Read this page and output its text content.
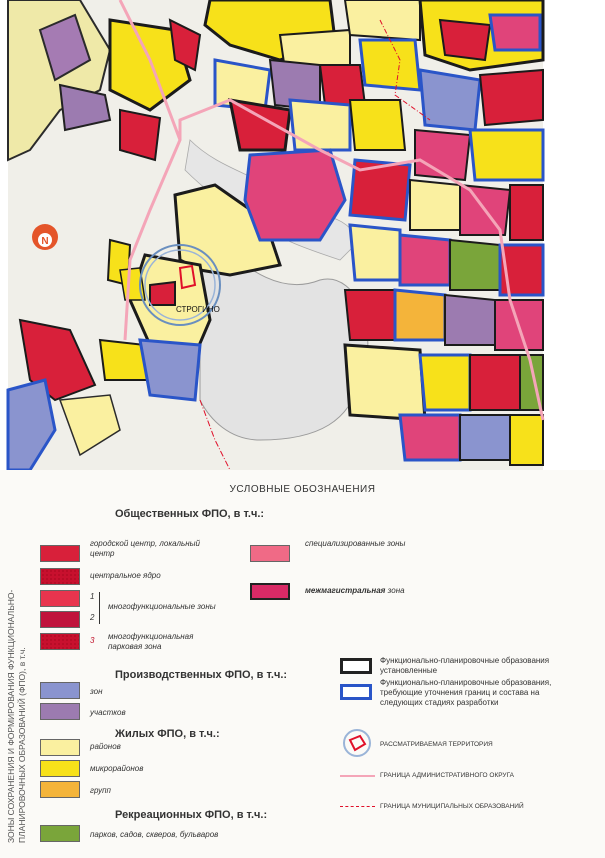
N
СТРОГИНО
УСЛОВНЫЕ ОБОЗНАЧЕНИЯ
ЗОНЫ СОХРАНЕНИЯ И ФОРМИРОВАНИЯ ФУНКЦИОНАЛЬНО- ПЛАНИРОВОЧНЫХ ОБРАЗОВАНИЙ (ФПО), в т.ч.
Общественных ФПО, в т.ч.:
городской центр, локальный центр
центральное ядро
1
2
многофункциональные зоны
3 многофункциональная парковая зона
специализированные зоны
межмагистральная зона
Производственных ФПО, в т.ч.:
зон
участков
Жилых ФПО, в т.ч.:
районов
микрорайонов
групп
Рекреационных ФПО, в т.ч.:
парков, садов, скверов, бульваров
Функционально-планировочные образования установленные
Функционально-планировочные образования, требующие уточнения границ и состава на следующих стадиях разработки
РАССМАТРИВАЕМАЯ ТЕРРИТОРИЯ
ГРАНИЦА АДМИНИСТРАТИВНОГО ОКРУГА
ГРАНИЦА МУНИЦИПАЛЬНЫХ ОБРАЗОВАНИЙ
